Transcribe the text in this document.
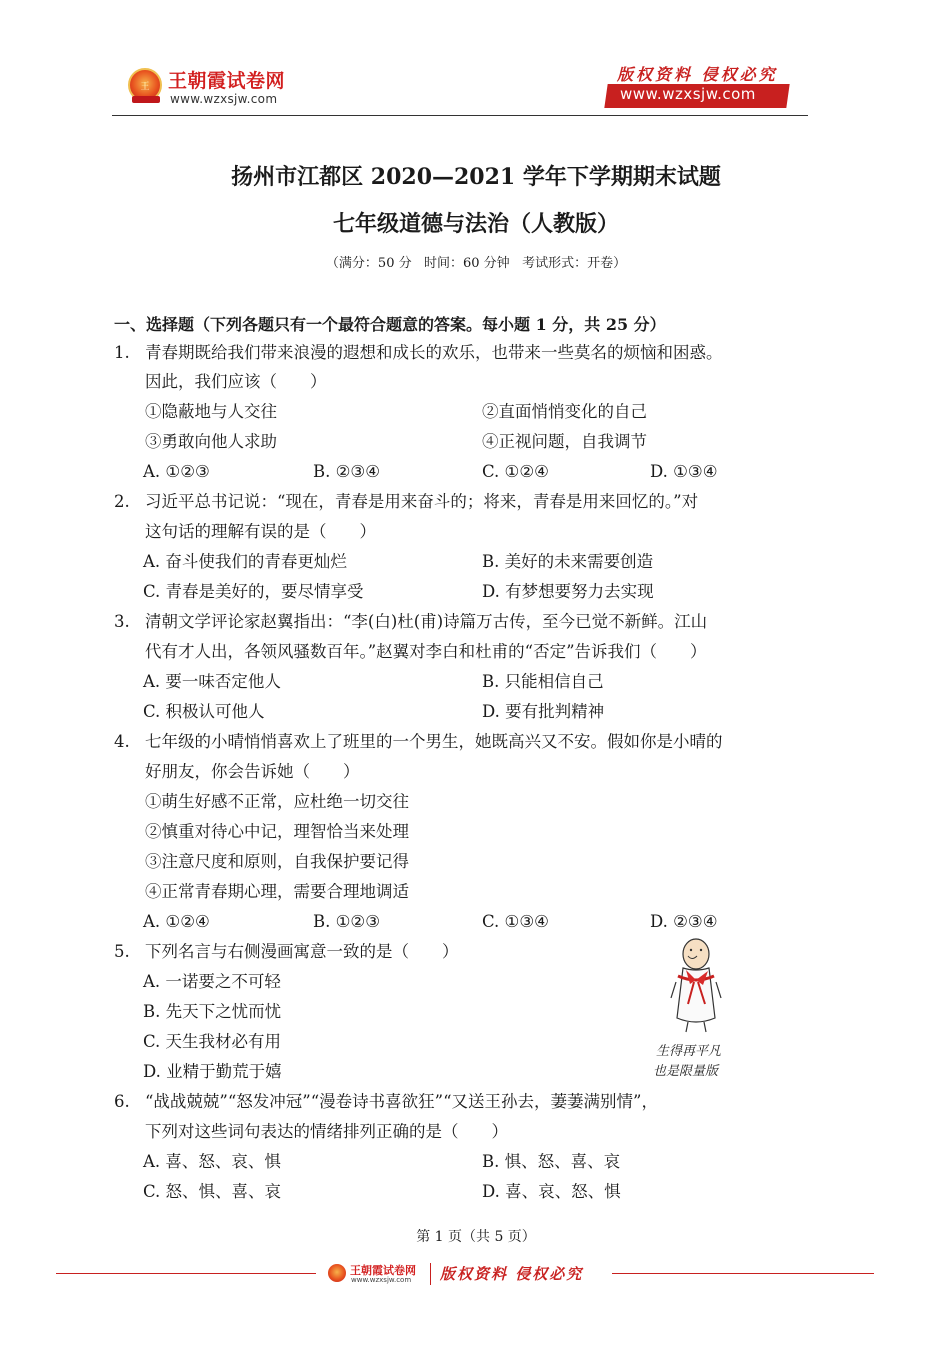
王 王朝霞试卷网
www.wzxsjw.com
版权资料 侵权必究
www.wzxsjw.com
扬州市江都区 2020—2021 学年下学期期末试题
七年级道德与法治（人教版）
（满分：50 分   时间：60 分钟   考试形式：开卷）
一、选择题（下列各题只有一个最符合题意的答案。每小题 1 分，共 25 分）
1. 青春期既给我们带来浪漫的遐想和成长的欢乐，也带来一些莫名的烦恼和困惑。
因此，我们应该（　　）
①隐蔽地与人交往	②直面悄悄变化的自己
③勇敢向他人求助	④正视问题，自我调节
A. ①②③	B. ②③④	C. ①②④	D. ①③④
2. 习近平总书记说：“现在，青春是用来奋斗的；将来，青春是用来回忆的。”对
这句话的理解有误的是（　　）
A. 奋斗使我们的青春更灿烂	B. 美好的未来需要创造
C. 青春是美好的，要尽情享受	D. 有梦想要努力去实现
3. 清朝文学评论家赵翼指出：“李(白)杜(甫)诗篇万古传，至今已觉不新鲜。江山
代有才人出，各领风骚数百年。”赵翼对李白和杜甫的“否定”告诉我们（　　）
A. 要一味否定他人	B. 只能相信自己
C. 积极认可他人	D. 要有批判精神
4. 七年级的小晴悄悄喜欢上了班里的一个男生，她既高兴又不安。假如你是小晴的
好朋友，你会告诉她（　　）
①萌生好感不正常，应杜绝一切交往
②慎重对待心中记，理智恰当来处理
③注意尺度和原则，自我保护要记得
④正常青春期心理，需要合理地调适
A. ①②④	B. ①②③	C. ①③④	D. ②③④
5. 下列名言与右侧漫画寓意一致的是（　　）
A. 一诺要之不可轻
B. 先天下之忧而忧
C. 天生我材必有用
D. 业精于勤荒于嬉
生得再平凡
也是限量版
6. “战战兢兢”“怒发冲冠”“漫卷诗书喜欲狂”“又送王孙去，萋萋满别情”，
下列对这些词句表达的情绪排列正确的是（　　）
A. 喜、怒、哀、惧	B. 惧、怒、喜、哀
C. 怒、惧、喜、哀	D. 喜、哀、怒、惧
第 1 页（共 5 页）
王朝霞试卷网
www.wzxsjw.com 版权资料 侵权必究
